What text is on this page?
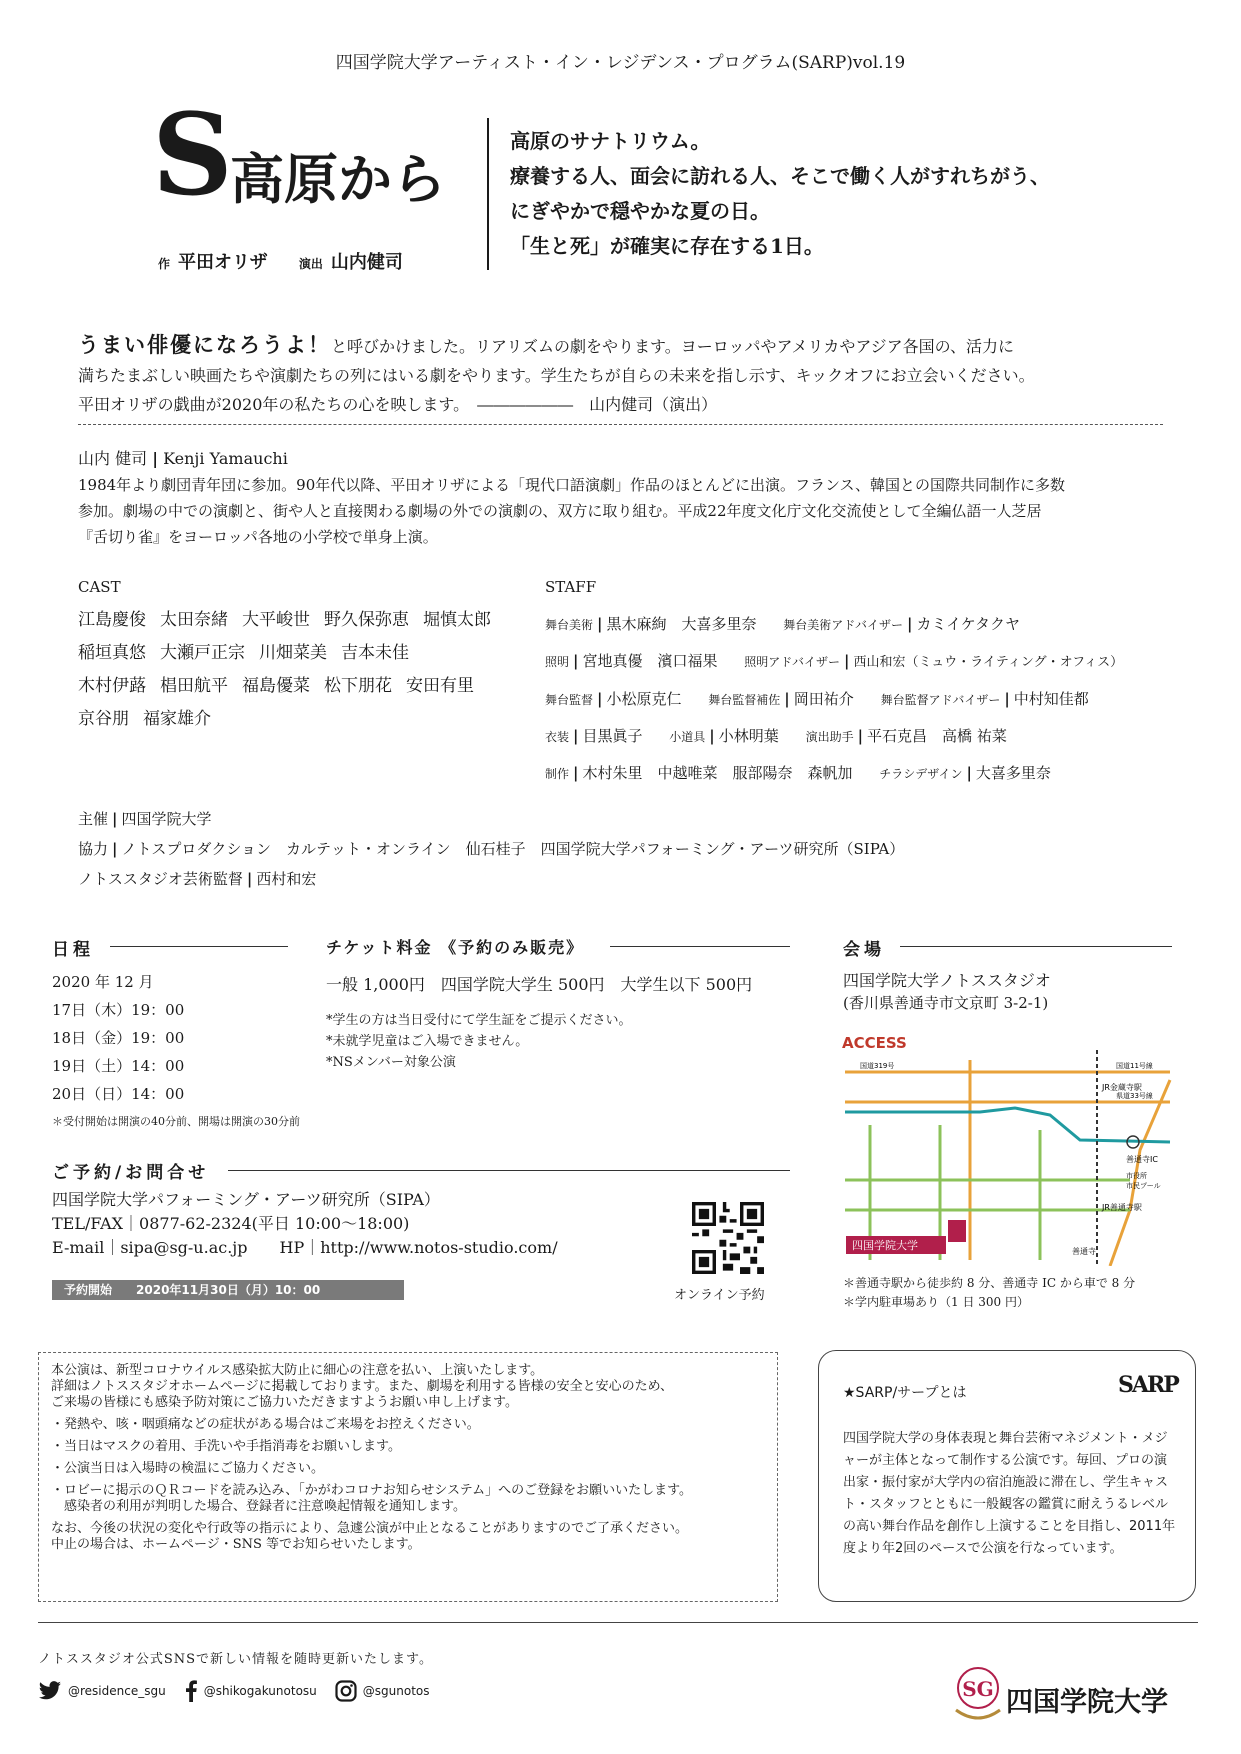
四国学院大学アーティスト・イン・レジデンス・プログラム(SARP)vol.19
S 高原から
作 平田オリザ	演出 山内健司
高原のサナトリウム。
療養する人、面会に訪れる人、そこで働く人がすれちがう、
にぎやかで穏やかな夏の日。
「生と死」が確実に存在する1日。
うまい俳優になろうよ！と呼びかけました。リアリズムの劇をやります。ヨーロッパやアメリカやアジア各国の、活力に
満ちたまぶしい映画たちや演劇たちの列にはいる劇をやります。学生たちが自らの未来を指し示す、キックオフにお立会いください。
平田オリザの戯曲が2020年の私たちの心を映します。　 ――――――　 山内健司（演出）
山内 健司 | Kenji Yamauchi
1984年より劇団青年団に参加。90年代以降、平田オリザによる「現代口語演劇」作品のほとんどに出演。フランス、韓国との国際共同制作に多数
参加。劇場の中での演劇と、街や人と直接関わる劇場の外での演劇の、双方に取り組む。平成22年度文化庁文化交流使として全編仏語一人芝居
『舌切り雀』をヨーロッパ各地の小学校で単身上演。
CAST
江島慶俊 太田奈緒 大平峻世 野久保弥恵 堀慎太郎
稲垣真悠 大瀬戸正宗 川畑菜美 吉本未佳
木村伊蕗 椙田航平 福島優菜 松下朋花 安田有里
京谷朋 福家雄介
STAFF
舞台美術 | 黒木麻絢　大喜多里奈 舞台美術アドバイザー | カミイケタクヤ
照明 | 宮地真優　濱口福果 照明アドバイザー | 西山和宏（ミュウ・ライティング・オフィス）
舞台監督 | 小松原克仁 舞台監督補佐 | 岡田祐介 舞台監督アドバイザー | 中村知佳都
衣装 | 目黒眞子 小道具 | 小林明葉 演出助手 | 平石克昌　高橋 祐菜
制作 | 木村朱里　中越唯菜　服部陽奈　森帆加 チラシデザイン | 大喜多里奈
主催 | 四国学院大学
協力 | ノトスプロダクション　カルテット・オンライン　仙石桂子　四国学院大学パフォーミング・アーツ研究所（SIPA）
ノトススタジオ芸術監督 | 西村和宏
日程
2020 年 12 月
17日（木）19：00
18日（金）19：00
19日（土）14：00
20日（日）14：00
＊受付開始は開演の40分前、開場は開演の30分前
チケット料金 《予約のみ販売》
一般 1,000円　四国学院大学生 500円　大学生以下 500円
*学生の方は当日受付にて学生証をご提示ください。
*未就学児童はご入場できません。
*NSメンバー対象公演
会場
四国学院大学ノトススタジオ
(香川県善通寺市文京町 3-2-1)
ACCESS
四国学院大学
JR金蔵寺駅
JR善通寺駅
善通寺IC
国道11号線
県道33号線
国道319号
市役所
市民プール
善通寺
＊善通寺駅から徒歩約 8 分、善通寺 IC から車で 8 分
＊学内駐車場あり（1 日 300 円）
ご予約/お問合せ
四国学院大学パフォーミング・アーツ研究所（SIPA）
TEL/FAX｜0877-62-2324(平日 10:00〜18:00)
E-mail｜sipa@sg-u.ac.jp　　 HP｜http://www.notos-studio.com/
予約開始　　 2020年11月30日（月）10：00	オンライン予約

本公演は、新型コロナウイルス感染拡大防止に細心の注意を払い、上演いたします。
詳細はノトススタジオホームページに掲載しております。また、劇場を利用する皆様の安全と安心のため、
ご来場の皆様にも感染予防対策にご協力いただきますようお願い申し上げます。

・発熱や、咳・咽頭痛などの症状がある場合はご来場をお控えください。

・当日はマスクの着用、手洗いや手指消毒をお願いします。

・公演当日は入場時の検温にご協力ください。

・ロビーに掲示のＱＲコードを読み込み、「かがわコロナお知らせシステム」へのご登録をお願いいたします。
　感染者の利用が判明した場合、登録者に注意喚起情報を通知します。

なお、今後の状況の変化や行政等の指示により、急遽公演が中止となることがありますのでご了承ください。
中止の場合は、ホームページ・SNS 等でお知らせいたします。

★SARP/サープとは	SARP
四国学院大学の身体表現と舞台芸術マネジメント・メジャーが主体となって制作する公演です。毎回、プロの演出家・振付家が大学内の宿泊施設に滞在し、学生キャスト・スタッフとともに一般観客の鑑賞に耐えうるレベルの高い舞台作品を創作し上演することを目指し、2011年度より年2回のペースで公演を行なっています。
ノトススタジオ公式SNSで新しい情報を随時更新いたします。
@residence_sgu	@shikogakunotosu	@sgunotos	SG 四国学院大学
